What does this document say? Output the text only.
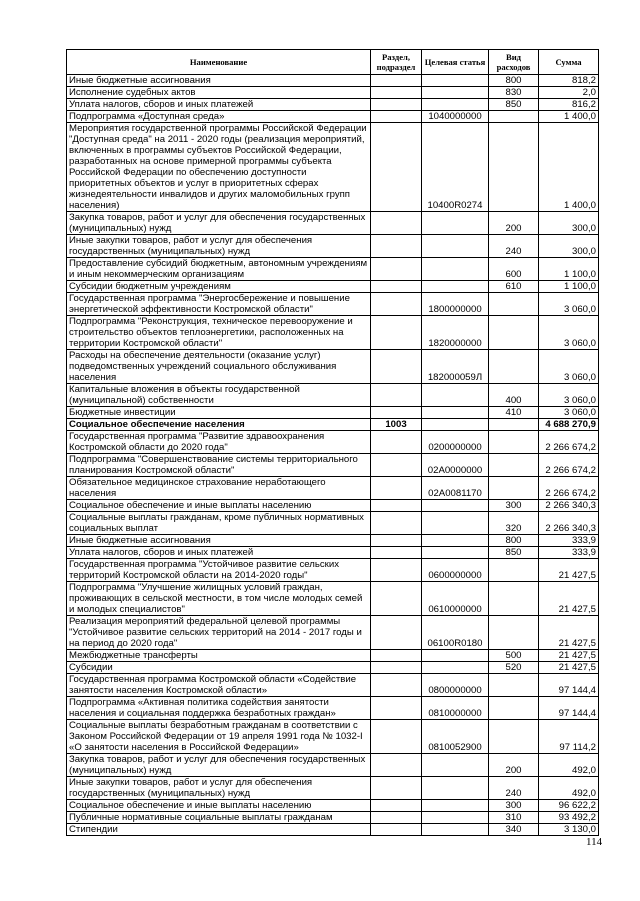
Наименование	Раздел, подраздел	Целевая статья	Вид расходов	Сумма
Иные бюджетные ассигнования			800	818,2
Исполнение судебных актов			830	2,0
Уплата налогов, сборов и иных платежей			850	816,2
Подпрограмма «Доступная среда»		1040000000		1 400,0
Мероприятия государственной программы Российской Федерации "Доступная среда" на 2011 - 2020 годы (реализация мероприятий, включенных в программы субъектов Российской Федерации, разработанных на основе примерной программы субъекта Российской Федерации по обеспечению доступности приоритетных объектов и услуг в приоритетных сферах жизнедеятельности инвалидов и других маломобильных групп населения)		10400R0274		1 400,0
Закупка товаров, работ и услуг для обеспечения государственных (муниципальных) нужд			200	300,0
Иные закупки товаров, работ и услуг для обеспечения государственных (муниципальных) нужд			240	300,0
Предоставление субсидий бюджетным, автономным учреждениям и иным некоммерческим организациям			600	1 100,0
Субсидии бюджетным учреждениям			610	1 100,0
Государственная программа "Энергосбережение и повышение энергетической эффективности Костромской области"		1800000000		3 060,0
Подпрограмма "Реконструкция, техническое перевооружение и строительство объектов теплоэнергетики, расположенных на территории Костромской области"		1820000000		3 060,0
Расходы на обеспечение деятельности (оказание услуг) подведомственных учреждений социального обслуживания населения		182000059Л		3 060,0
Капитальные вложения в объекты государственной (муниципальной) собственности			400	3 060,0
Бюджетные инвестиции			410	3 060,0
Социальное обеспечение населения	1003			4 688 270,9
Государственная программа "Развитие здравоохранения Костромской области до 2020 года"		0200000000		2 266 674,2
Подпрограмма "Совершенствование системы территориального планирования Костромской области"		02А0000000		2 266 674,2
Обязательное медицинское страхование неработающего населения		02А0081170		2 266 674,2
Социальное обеспечение и иные выплаты населению			300	2 266 340,3
Социальные выплаты гражданам, кроме публичных нормативных социальных выплат			320	2 266 340,3
Иные бюджетные ассигнования			800	333,9
Уплата налогов, сборов и иных платежей			850	333,9
Государственная программа "Устойчивое развитие сельских территорий Костромской области на 2014-2020 годы"		0600000000		21 427,5
Подпрограмма "Улучшение жилищных условий граждан, проживающих в сельской местности, в том числе молодых семей и молодых специалистов"		0610000000		21 427,5
Реализация мероприятий федеральной целевой программы "Устойчивое развитие сельских территорий на 2014 - 2017 годы и на период до 2020 года"		06100R0180		21 427,5
Межбюджетные трансферты			500	21 427,5
Субсидии			520	21 427,5
Государственная программа Костромской области «Содействие занятости населения Костромской области»		0800000000		97 144,4
Подпрограмма «Активная политика содействия занятости населения и социальная поддержка безработных граждан»		0810000000		97 144,4
Социальные выплаты безработным гражданам в соответствии с Законом Российской Федерации от 19 апреля 1991 года № 1032-I «О занятости населения в Российской Федерации»		0810052900		97 114,2
Закупка товаров, работ и услуг для обеспечения государственных (муниципальных) нужд			200	492,0
Иные закупки товаров, работ и услуг для обеспечения государственных (муниципальных) нужд			240	492,0
Социальное обеспечение и иные выплаты населению			300	96 622,2
Публичные нормативные социальные выплаты гражданам			310	93 492,2
Стипендии			340	3 130,0
114
